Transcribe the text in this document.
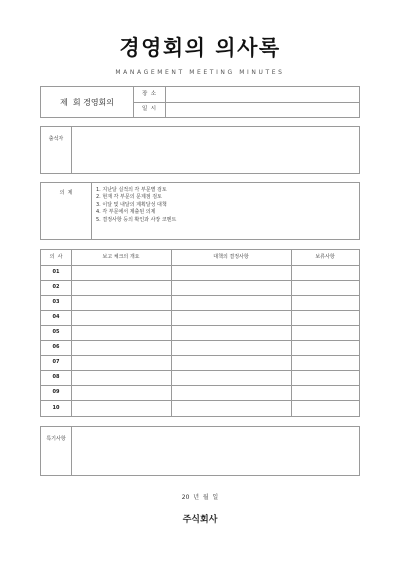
경영회의 의사록
MANAGEMENT MEETING MINUTES
제  회 경영회의
장  소
일  시
출석자
의  제	1. 지난달 실적의 각 부문별 검토
2. 현재 각 부문의 문제점 검토
3. 이달 및 내달의 계획달성 대책
4. 각 부문에서 제출된 의제
5. 결정사항 등의 확인과 사장 코멘트
의  사	보고 체크의 개요	대책의 결정사항	보류사항
01
02
03
04
05
06
07
08
09
10
특기사항
20  년  월  일
주식회사
